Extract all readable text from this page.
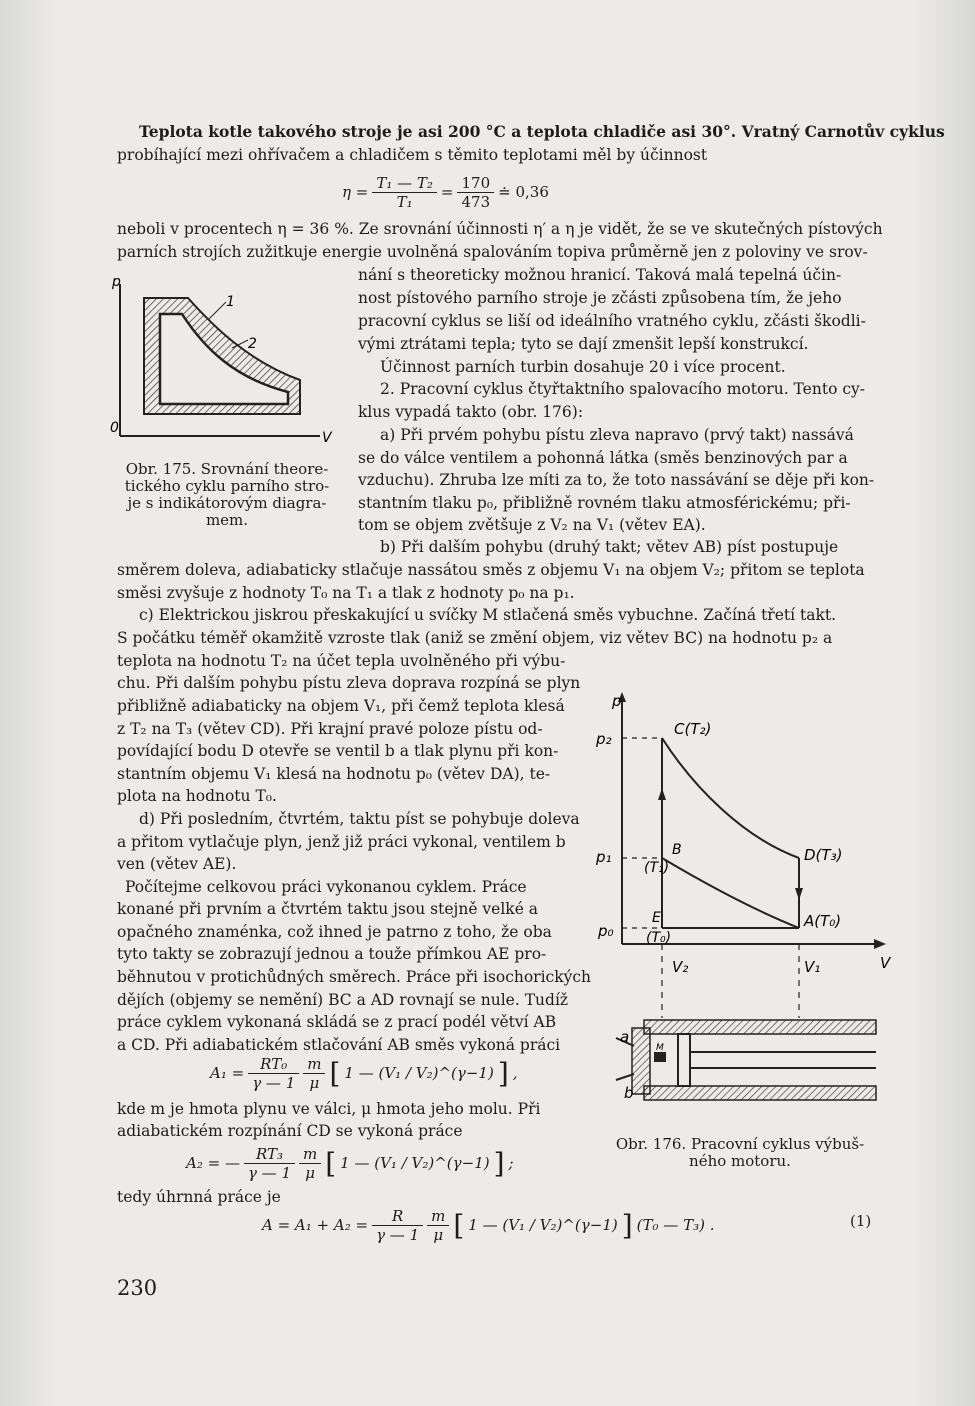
Teplota kotle takového stroje je asi 200 °C a teplota chladiče asi 30°. Vratný Carnotův cyklus
probíhající mezi ohřívačem a chladičem s těmito teplotami měl by účinnost
$\eta = \frac{\text{T₁ — T₂}}{\text{T₁}} = \frac{170}{473}$ ≐ 0,36
neboli v procentech η = 36 %. Ze srovnání účinnosti η′ a η je vidět, že se ve skutečných pístových
parních strojích zužitkuje energie uvolněná spalováním topiva průměrně jen z poloviny ve srov-
nání s theoreticky možnou hranicí. Taková malá tepelná účin-
nost pístového parního stroje je zčásti způsobena tím, že jeho
pracovní cyklus se liší od ideálního vratného cyklu, zčásti škodli-
vými ztrátami tepla; tyto se dají zmenšit lepší konstrukcí.
Účinnost parních turbin dosahuje 20 i více procent.
2. Pracovní cyklus čtyřtaktního spalovacího motoru. Tento cy-
klus vypadá takto (obr. 176):
a) Při prvém pohybu pístu zleva napravo (prvý takt) nassává
se do válce ventilem a pohonná látka (směs benzinových par a
vzduchu). Zhruba lze míti za to, že toto nassávání se děje při kon-
stantním tlaku p₀, přibližně rovném tlaku atmosférickému; při-
tom se objem zvětšuje z V₂ na V₁ (větev EA).
p
0
V
1
2
Obr. 175. Srovnání theore-
tického cyklu parního stro-
je s indikátorovým diagra-
mem.
b) Při dalším pohybu (druhý takt; větev AB) píst postupuje
směrem doleva, adiabaticky stlačuje nassátou směs z objemu V₁ na objem V₂; přitom se teplota
směsi zvyšuje z hodnoty T₀ na T₁ a tlak z hodnoty p₀ na p₁.
c) Elektrickou jiskrou přeskakující u svíčky M stlačená směs vybuchne. Začíná třetí takt.
S počátku téměř okamžitě vzroste tlak (aniž se změní objem, viz větev BC) na hodnotu p₂ a
teplota na hodnotu T₂ na účet tepla uvolněného při výbu-
chu. Při dalším pohybu pístu zleva doprava rozpíná se plyn
přibližně adiabaticky na objem V₁, při čemž teplota klesá
z T₂ na T₃ (větev CD). Při krajní pravé poloze pístu od-
povídající bodu D otevře se ventil b a tlak plynu při kon-
stantním objemu V₁ klesá na hodnotu p₀ (větev DA), te-
plota na hodnotu T₀.
d) Při posledním, čtvrtém, taktu píst se pohybuje doleva
a přitom vytlačuje plyn, jenž již práci vykonal, ventilem b
ven (větev AE).
Počítejme celkovou práci vykonanou cyklem. Práce
konané při prvním a čtvrtém taktu jsou stejně velké a
opačného znaménka, což ihned je patrno z toho, že oba
tyto takty se zobrazují jednou a touže přímkou AE pro-
běhnutou v protichůdných směrech. Práce při isochorických
dějích (objemy se nemění) BC a AD rovnají se nule. Tudíž
práce cyklem vykonaná skládá se z prací podél větví AB
a CD. Při adiabatickém stlačování AB směs vykoná práci
$A_1 = \frac{\text{RT₀}}{\gamma — 1} \frac{m}{\mu}$ [ 1 — (V₁ / V₂)^(γ−1) ] ,
kde m je hmota plynu ve válci, μ hmota jeho molu. Při
adiabatickém rozpínání CD se vykoná práce
A₂ = — $\frac{\text{RT₃}}{\gamma — 1} \frac{m}{\mu}$ [ 1 — (V₁ / V₂)^(γ−1) ] ;
tedy úhrnná práce je
$A = A_1 + A_2 = \frac{R}{\gamma — 1} \frac{m}{\mu}$ [ 1 — (V₁ / V₂)^(γ−1) ] (T₀ — T₃) .	(1)
p
p₂
p₁
p₀
C(T₂)
B
(T₁)
D(T₃)
E
(T₀)
A(T₀)
V₂	V₁	V
a
b
M
Obr. 176. Pracovní cyklus výbuš-
ného motoru.
230
